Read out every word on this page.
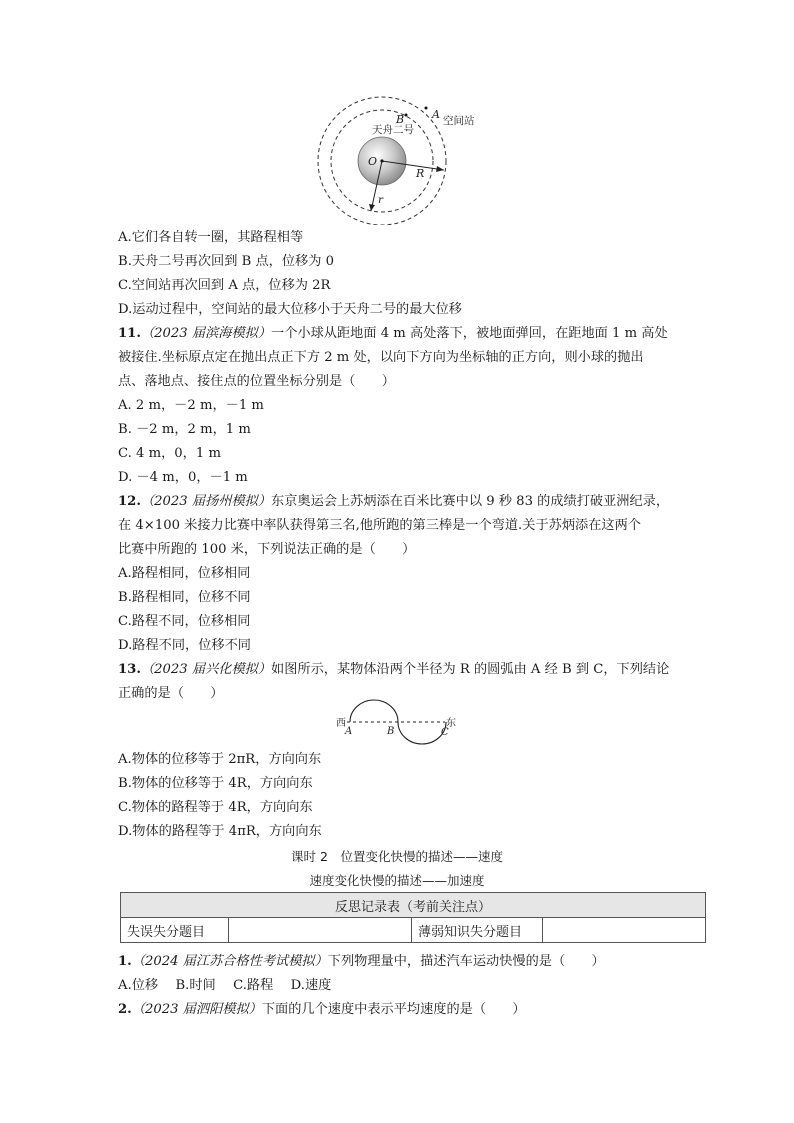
A 空间站
B
天舟二号
O
R
r
A.它们各自转一圈，其路程相等
B.天舟二号再次回到 B 点，位移为 0
C.空间站再次回到 A 点，位移为 2R
D.运动过程中，空间站的最大位移小于天舟二号的最大位移
11.（2023 届滨海模拟）一个小球从距地面 4 m 高处落下，被地面弹回，在距地面 1 m 高处
被接住.坐标原点定在抛出点正下方 2 m 处，以向下方向为坐标轴的正方向，则小球的抛出
点、落地点、接住点的位置坐标分别是（　　）
A. 2 m，－2 m，－1 m
B. －2 m，2 m，1 m
C. 4 m，0，1 m
D. －4 m，0，－1 m
12.（2023 届扬州模拟）东京奥运会上苏炳添在百米比赛中以 9 秒 83 的成绩打破亚洲纪录，
在 4×100 米接力比赛中率队获得第三名,他所跑的第三棒是一个弯道.关于苏炳添在这两个
比赛中所跑的 100 米，下列说法正确的是（　　）
A.路程相同，位移相同
B.路程相同，位移不同
C.路程不同，位移相同
D.路程不同，位移不同
13.（2023 届兴化模拟）如图所示，某物体沿两个半径为 R 的圆弧由 A 经 B 到 C，下列结论
正确的是（　　）
西	东
A	B	C
A.物体的位移等于 2πR，方向向东
B.物体的位移等于 4R，方向向东
C.物体的路程等于 4R，方向向东
D.物体的路程等于 4πR，方向向东
课时 2　位置变化快慢的描述——速度
速度变化快慢的描述——加速度
反思记录表（考前关注点）
失误失分题目		薄弱知识失分题目	
1.（2024 届江苏合格性考试模拟）下列物理量中，描述汽车运动快慢的是（　　）
A.位移　 B.时间　 C.路程　 D.速度
2.（2023 届泗阳模拟）下面的几个速度中表示平均速度的是（　　）
